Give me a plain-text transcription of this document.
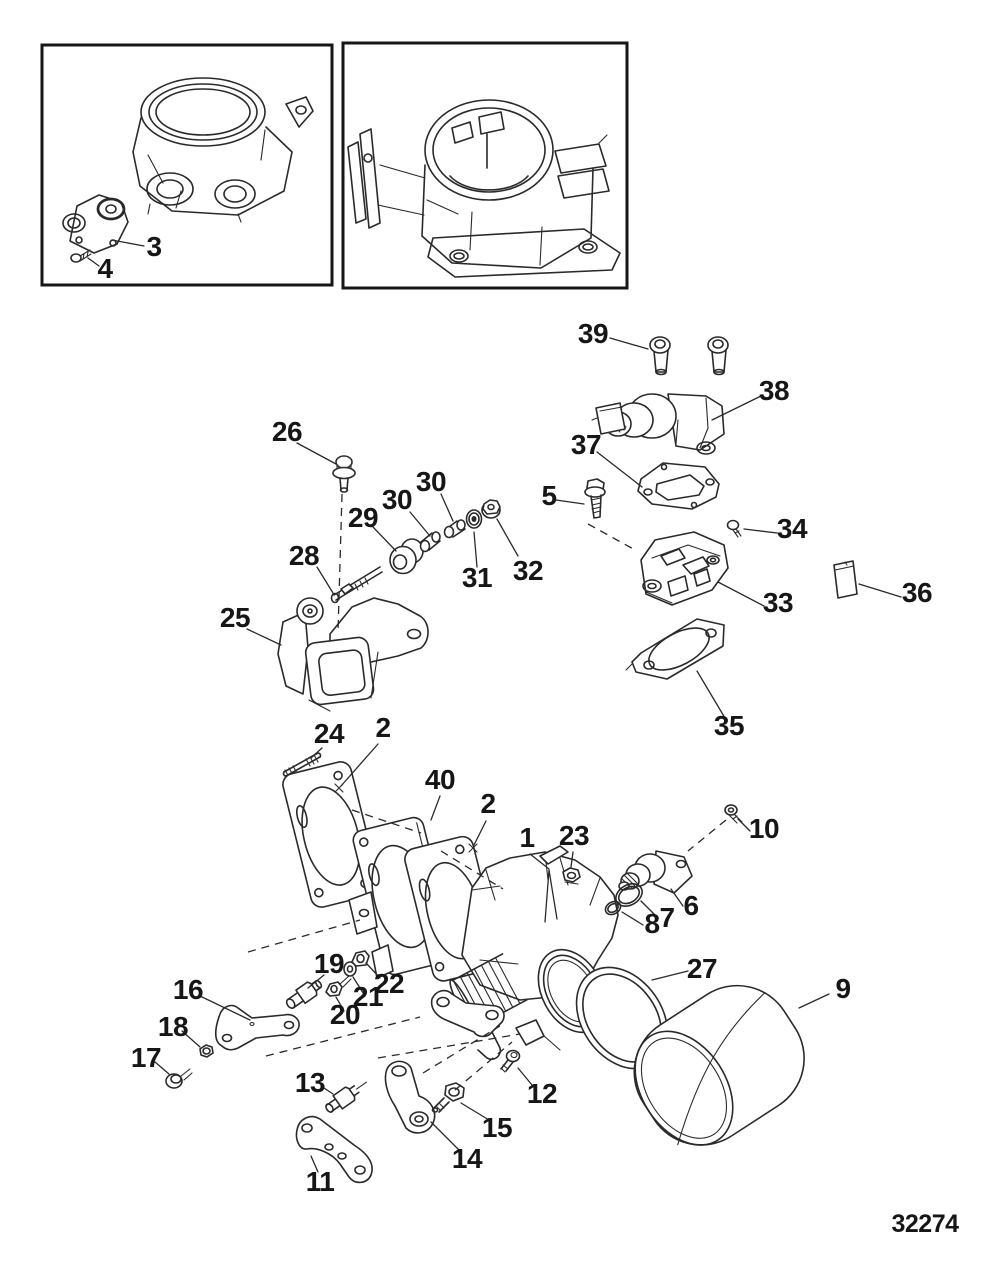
3
4
39
38
37
5
26
30
30
29
28
31 32
34
25	33	36
35
24 2
40
2
1 23	10
6
7
8
27
9
16
18
17
19
20
21
22
13
11
14
15
12
32274
